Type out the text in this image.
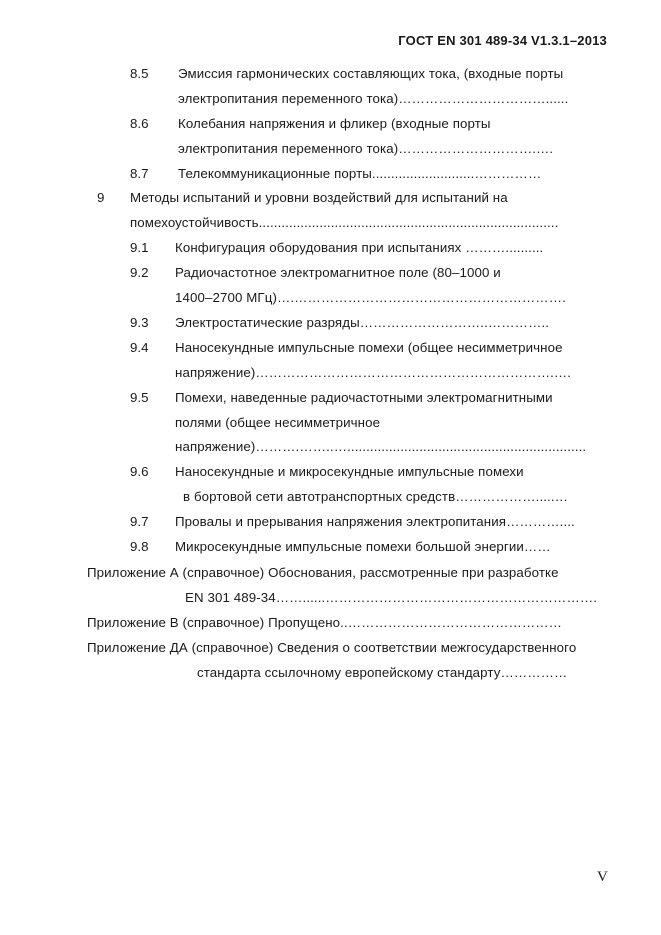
ГОСТ EN 301 489-34 V1.3.1–2013
8.5 Эмиссия гармонических составляющих тока, (входные порты
электропитания переменного тока)……………………………......
8.6 Колебания напряжения и фликер (входные порты
электропитания переменного тока)………………………….….
8.7 Телекоммуникационные порты...........................……………
9 Методы испытаний и уровни воздействий для испытаний на
помехоустойчивость...............................................................................
9.1 Конфигурация оборудования при испытаниях ………..........
9.2 Радиочастотное электромагнитное поле (80–1000 и
1400–2700 МГц)….…………………………………………………….
9.3 Электростатические разряды………………………..…………..
9.4 Наносекундные импульсные помехи (общее несимметричное
напряжение)………………………………………………………….….
9.5 Помехи, наведенные радиочастотными электромагнитными
полями (общее несимметричное
напряжение)……….……..…...............................................................
9.6 Наносекундные и микросекундные импульсные помехи
в бортовой сети автотранспортных средств……………….....…
9.7 Провалы и прерывания напряжения электропитания…………....
9.8 Микросекундные импульсные помехи большой энергии……
Приложение А (справочное) Обоснования, рассмотренные при разработке
EN 301 489-34……......…………………………………………………….
Приложение В (справочное) Пропущено..…………………………………………
Приложение ДА (справочное) Сведения о соответствии межгосударственного
стандарта ссылочному европейскому стандарту……………
V
